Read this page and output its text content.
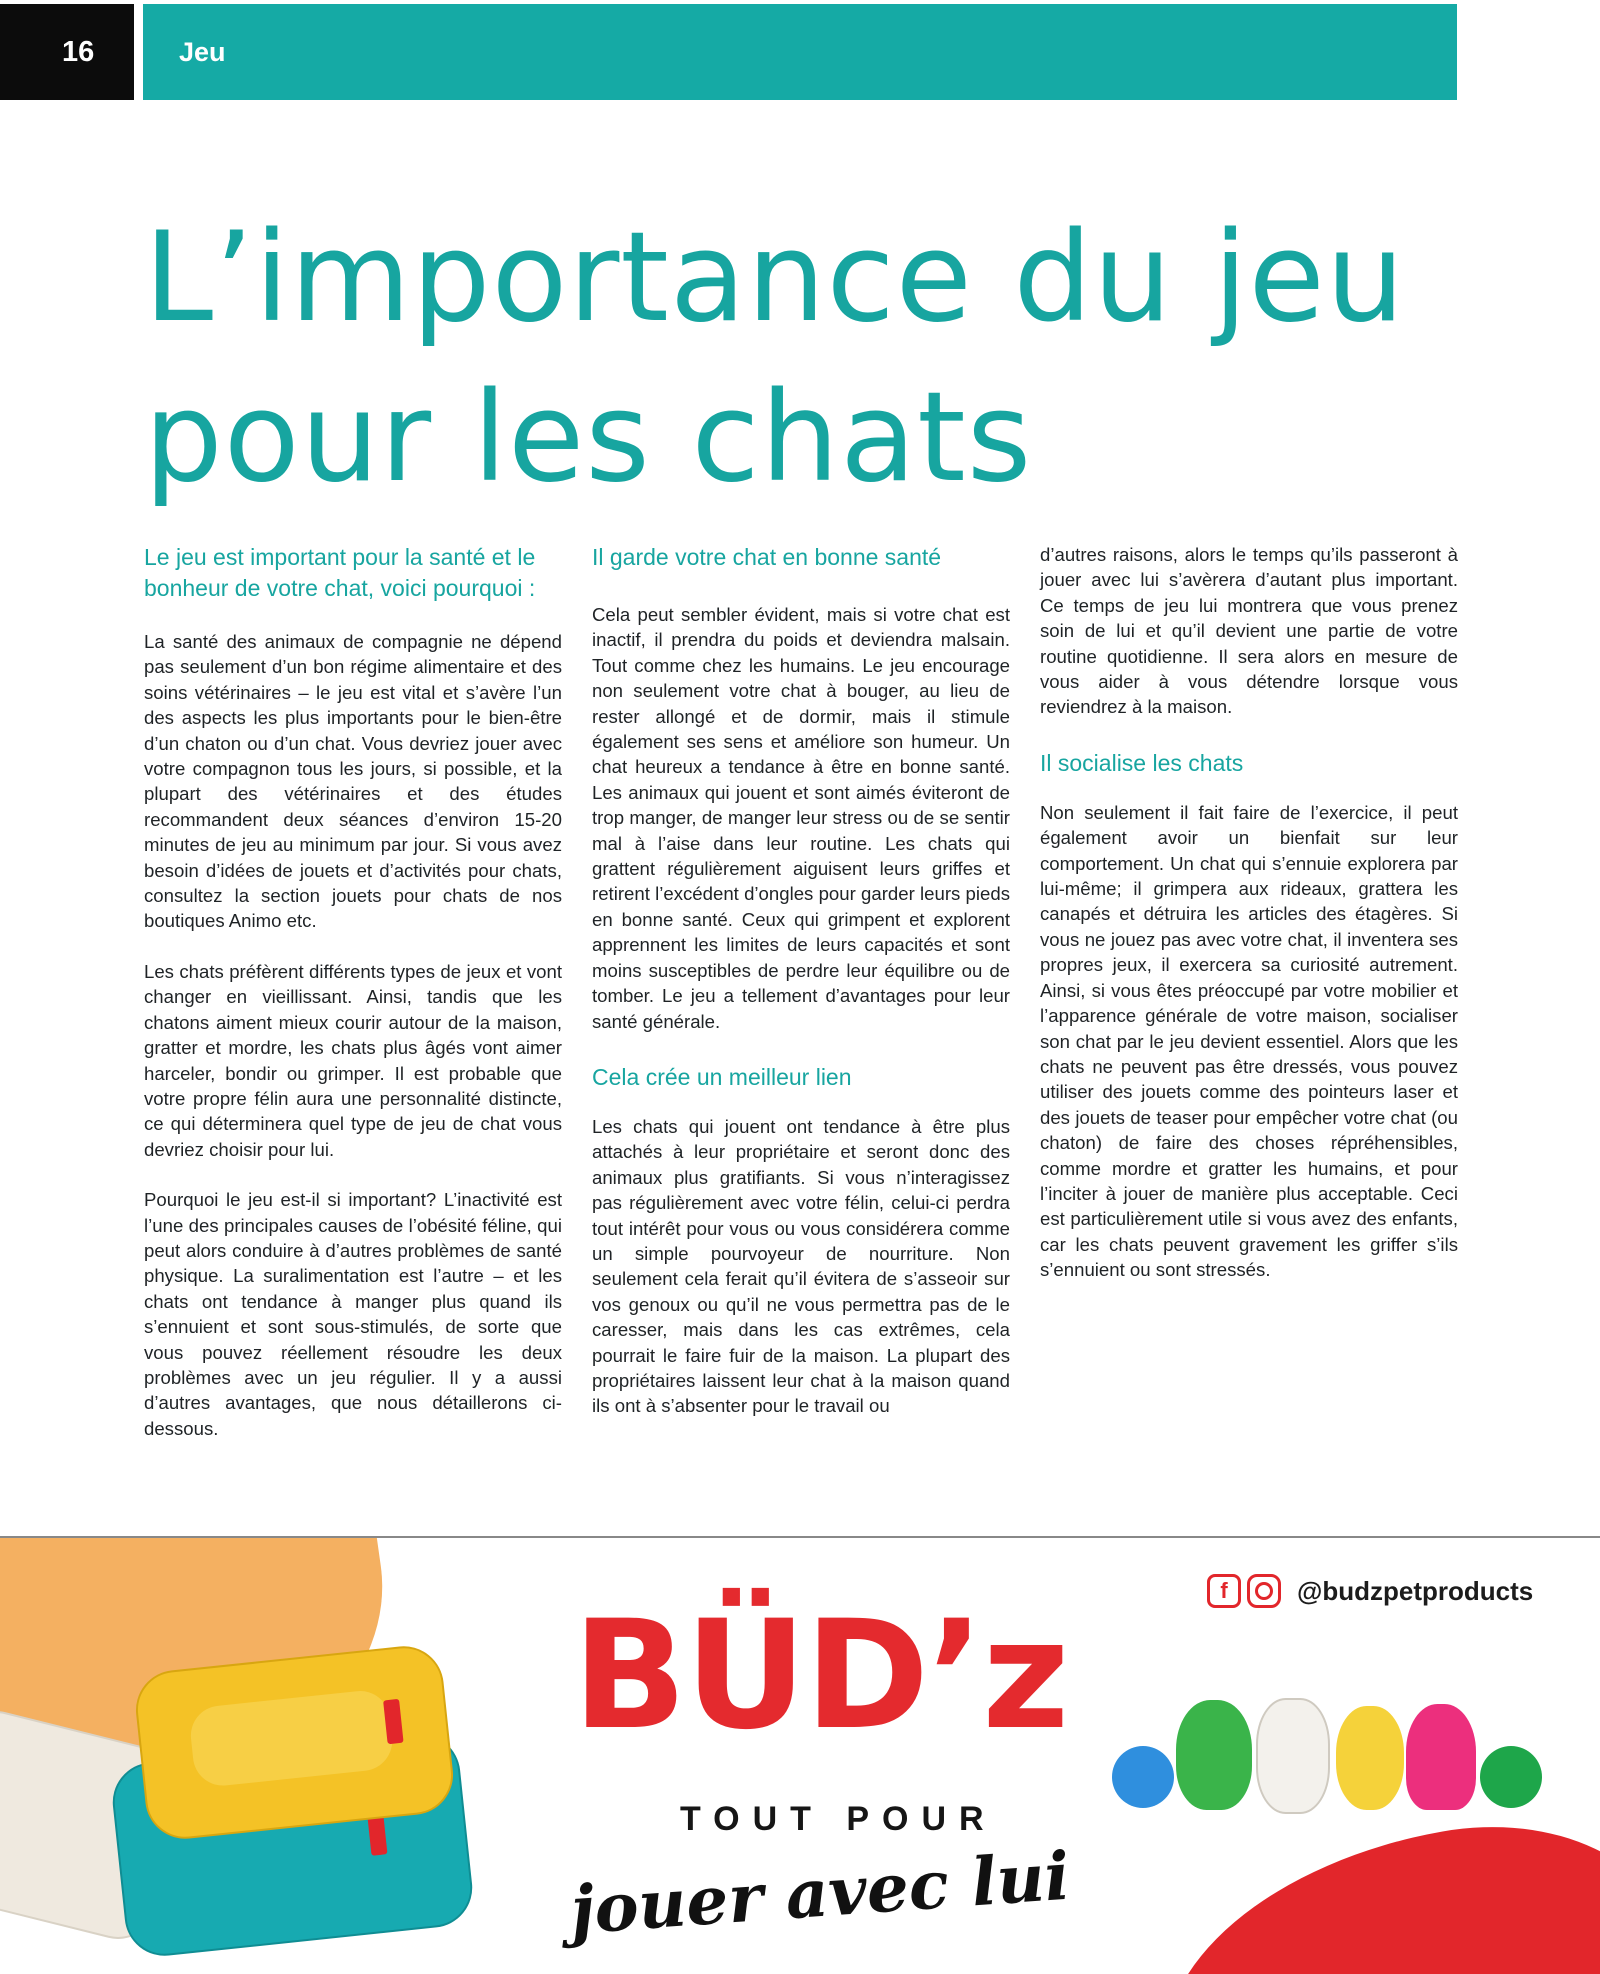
16	Jeu
L’importance du jeu
pour les chats

Le jeu est important pour la santé et le bonheur de votre chat, voici pourquoi :

La santé des animaux de compagnie ne dépend pas seulement d’un bon régime alimentaire et des soins vétérinaires – le jeu est vital et s’avère l’un des aspects les plus importants pour le bien-être d’un chaton ou d’un chat. Vous devriez jouer avec votre compagnon tous les jours, si possible, et la plupart des vétérinaires et des études recommandent deux séances d’environ 15-20 minutes de jeu au minimum par jour. Si vous avez besoin d’idées de jouets et d’activités pour chats, consultez la section jouets pour chats de nos boutiques Animo etc.

Les chats préfèrent différents types de jeux et vont changer en vieillissant. Ainsi, tandis que les chatons aiment mieux courir autour de la maison, gratter et mordre, les chats plus âgés vont aimer harceler, bondir ou grimper. Il est probable que votre propre félin aura une personnalité distincte, ce qui déterminera quel type de jeu de chat vous devriez choisir pour lui.

Pourquoi le jeu est-il si important? L’inactivité est l’une des principales causes de l’obésité féline, qui peut alors conduire à d’autres problèmes de santé physique. La suralimentation est l’autre – et les chats ont tendance à manger plus quand ils s’ennuient et sont sous-stimulés, de sorte que vous pouvez réellement résoudre les deux problèmes avec un jeu régulier. Il y a aussi d’autres avantages, que nous détaillerons ci-dessous.

Il garde votre chat en bonne santé

Cela peut sembler évident, mais si votre chat est inactif, il prendra du poids et deviendra malsain. Tout comme chez les humains. Le jeu encourage non seulement votre chat à bouger, au lieu de rester allongé et de dormir, mais il stimule également ses sens et améliore son humeur. Un chat heureux a tendance à être en bonne santé. Les animaux qui jouent et sont aimés éviteront de trop manger, de manger leur stress ou de se sentir mal à l’aise dans leur routine. Les chats qui grattent régulièrement aiguisent leurs griffes et retirent l’excédent d’ongles pour garder leurs pieds en bonne santé. Ceux qui grimpent et explorent apprennent les limites de leurs capacités et sont moins susceptibles de perdre leur équilibre ou de tomber. Le jeu a tellement d’avantages pour leur santé générale.

Cela crée un meilleur lien

Les chats qui jouent ont tendance à être plus attachés à leur propriétaire et seront donc des animaux plus gratifiants. Si vous n’interagissez pas régulièrement avec votre félin, celui-ci perdra tout intérêt pour vous ou vous considérera comme un simple pourvoyeur de nourriture. Non seulement cela ferait qu’il évitera de s’asseoir sur vos genoux ou qu’il ne vous permettra pas de le caresser, mais dans les cas extrêmes, cela pourrait le faire fuir de la maison. La plupart des propriétaires laissent leur chat à la maison quand ils ont à s’absenter pour le travail ou

d’autres raisons, alors le temps qu’ils passeront à jouer avec lui s’avèrera d’autant plus important. Ce temps de jeu lui montrera que vous prenez soin de lui et qu’il devient une partie de votre routine quotidienne. Il sera alors en mesure de vous aider à vous détendre lorsque vous reviendrez à la maison.

Il socialise les chats

Non seulement il fait faire de l’exercice, il peut également avoir un bienfait sur leur comportement. Un chat qui s’ennuie explorera par lui-même; il grimpera aux rideaux, grattera les canapés et détruira les articles des étagères. Si vous ne jouez pas avec votre chat, il inventera ses propres jeux, il exercera sa curiosité autrement. Ainsi, si vous êtes préoccupé par votre mobilier et l’apparence générale de votre maison, socialiser son chat par le jeu devient essentiel. Alors que les chats ne peuvent pas être dressés, vous pouvez utiliser des jouets comme des pointeurs laser et des jouets de teaser pour empêcher votre chat (ou chaton) de faire des choses répréhensibles, comme mordre et gratter les humains, et pour l’inciter à jouer de manière plus acceptable. Ceci est particulièrement utile si vous avez des enfants, car les chats peuvent gravement les griffer s’ils s’ennuient ou sont stressés.

f	@budzpetproducts
BÜD’z
TOUT POUR
jouer avec lui
